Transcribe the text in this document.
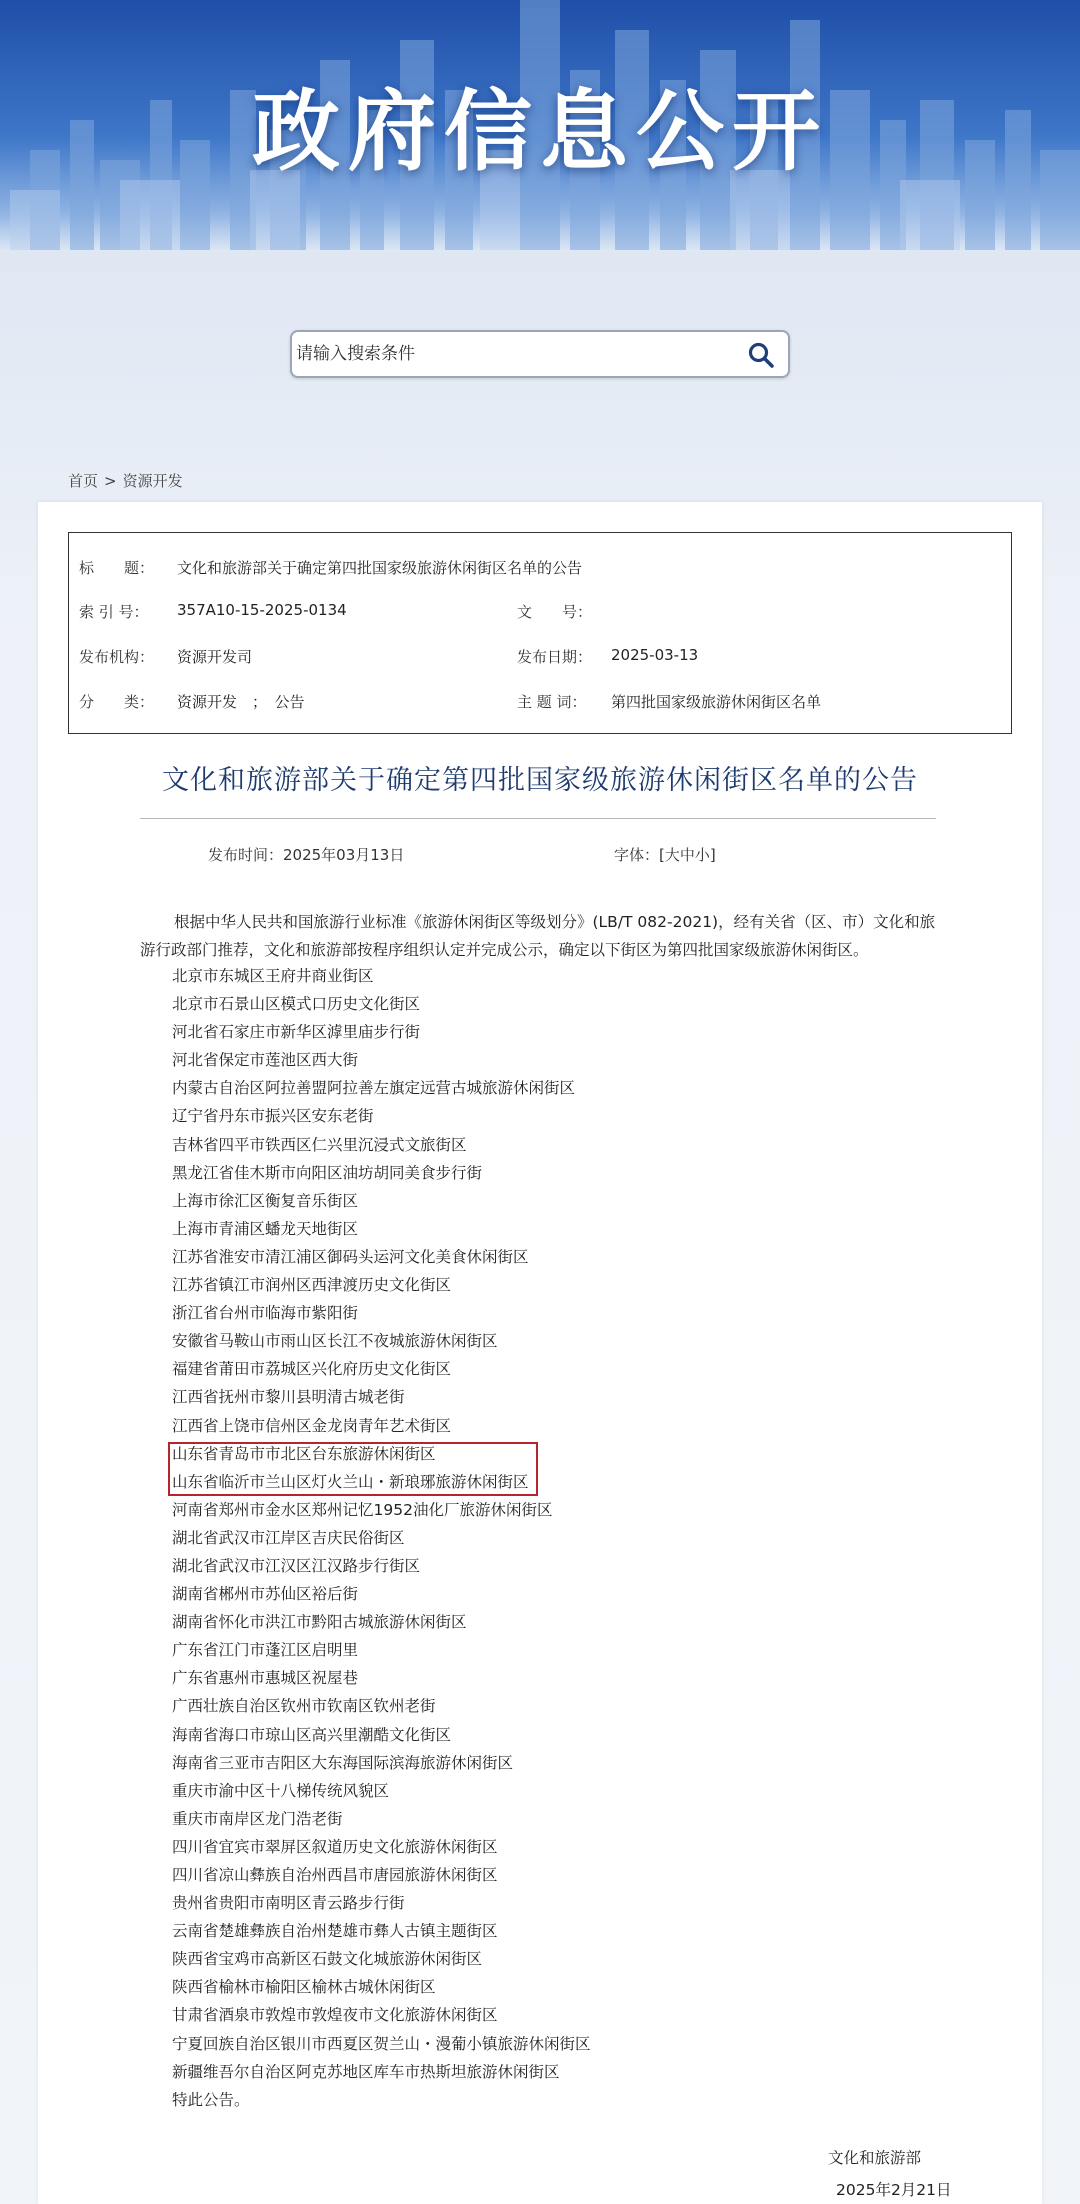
政府信息公开
请输入搜索条件
首页 > 资源开发
标　　题： 文化和旅游部关于确定第四批国家级旅游休闲街区名单的公告
索 引 号： 357A10-15-2025-0134	文　　号：
发布机构： 资源开发司	发布日期： 2025-03-13
分　　类： 资源开发　；　公告	主 题 词： 第四批国家级旅游休闲街区名单
文化和旅游部关于确定第四批国家级旅游休闲街区名单的公告
发布时间：2025年03月13日	字体：[大中小]
根据中华人民共和国旅游行业标准《旅游休闲街区等级划分》(LB/T 082-2021)，经有关省（区、市）文化和旅
游行政部门推荐，文化和旅游部按程序组织认定并完成公示，确定以下街区为第四批国家级旅游休闲街区。
北京市东城区王府井商业街区
北京市石景山区模式口历史文化街区
河北省石家庄市新华区滹里庙步行街
河北省保定市莲池区西大街
内蒙古自治区阿拉善盟阿拉善左旗定远营古城旅游休闲街区
辽宁省丹东市振兴区安东老街
吉林省四平市铁西区仁兴里沉浸式文旅街区
黑龙江省佳木斯市向阳区油坊胡同美食步行街
上海市徐汇区衡复音乐街区
上海市青浦区蟠龙天地街区
江苏省淮安市清江浦区御码头运河文化美食休闲街区
江苏省镇江市润州区西津渡历史文化街区
浙江省台州市临海市紫阳街
安徽省马鞍山市雨山区长江不夜城旅游休闲街区
福建省莆田市荔城区兴化府历史文化街区
江西省抚州市黎川县明清古城老街
江西省上饶市信州区金龙岗青年艺术街区
山东省青岛市市北区台东旅游休闲街区
山东省临沂市兰山区灯火兰山・新琅琊旅游休闲街区
河南省郑州市金水区郑州记忆1952油化厂旅游休闲街区
湖北省武汉市江岸区吉庆民俗街区
湖北省武汉市江汉区江汉路步行街区
湖南省郴州市苏仙区裕后街
湖南省怀化市洪江市黔阳古城旅游休闲街区
广东省江门市蓬江区启明里
广东省惠州市惠城区祝屋巷
广西壮族自治区钦州市钦南区钦州老街
海南省海口市琼山区高兴里潮酷文化街区
海南省三亚市吉阳区大东海国际滨海旅游休闲街区
重庆市渝中区十八梯传统风貌区
重庆市南岸区龙门浩老街
四川省宜宾市翠屏区叙道历史文化旅游休闲街区
四川省凉山彝族自治州西昌市唐园旅游休闲街区
贵州省贵阳市南明区青云路步行街
云南省楚雄彝族自治州楚雄市彝人古镇主题街区
陕西省宝鸡市高新区石鼓文化城旅游休闲街区
陕西省榆林市榆阳区榆林古城休闲街区
甘肃省酒泉市敦煌市敦煌夜市文化旅游休闲街区
宁夏回族自治区银川市西夏区贺兰山・漫葡小镇旅游休闲街区
新疆维吾尔自治区阿克苏地区库车市热斯坦旅游休闲街区
特此公告。
文化和旅游部
2025年2月21日
